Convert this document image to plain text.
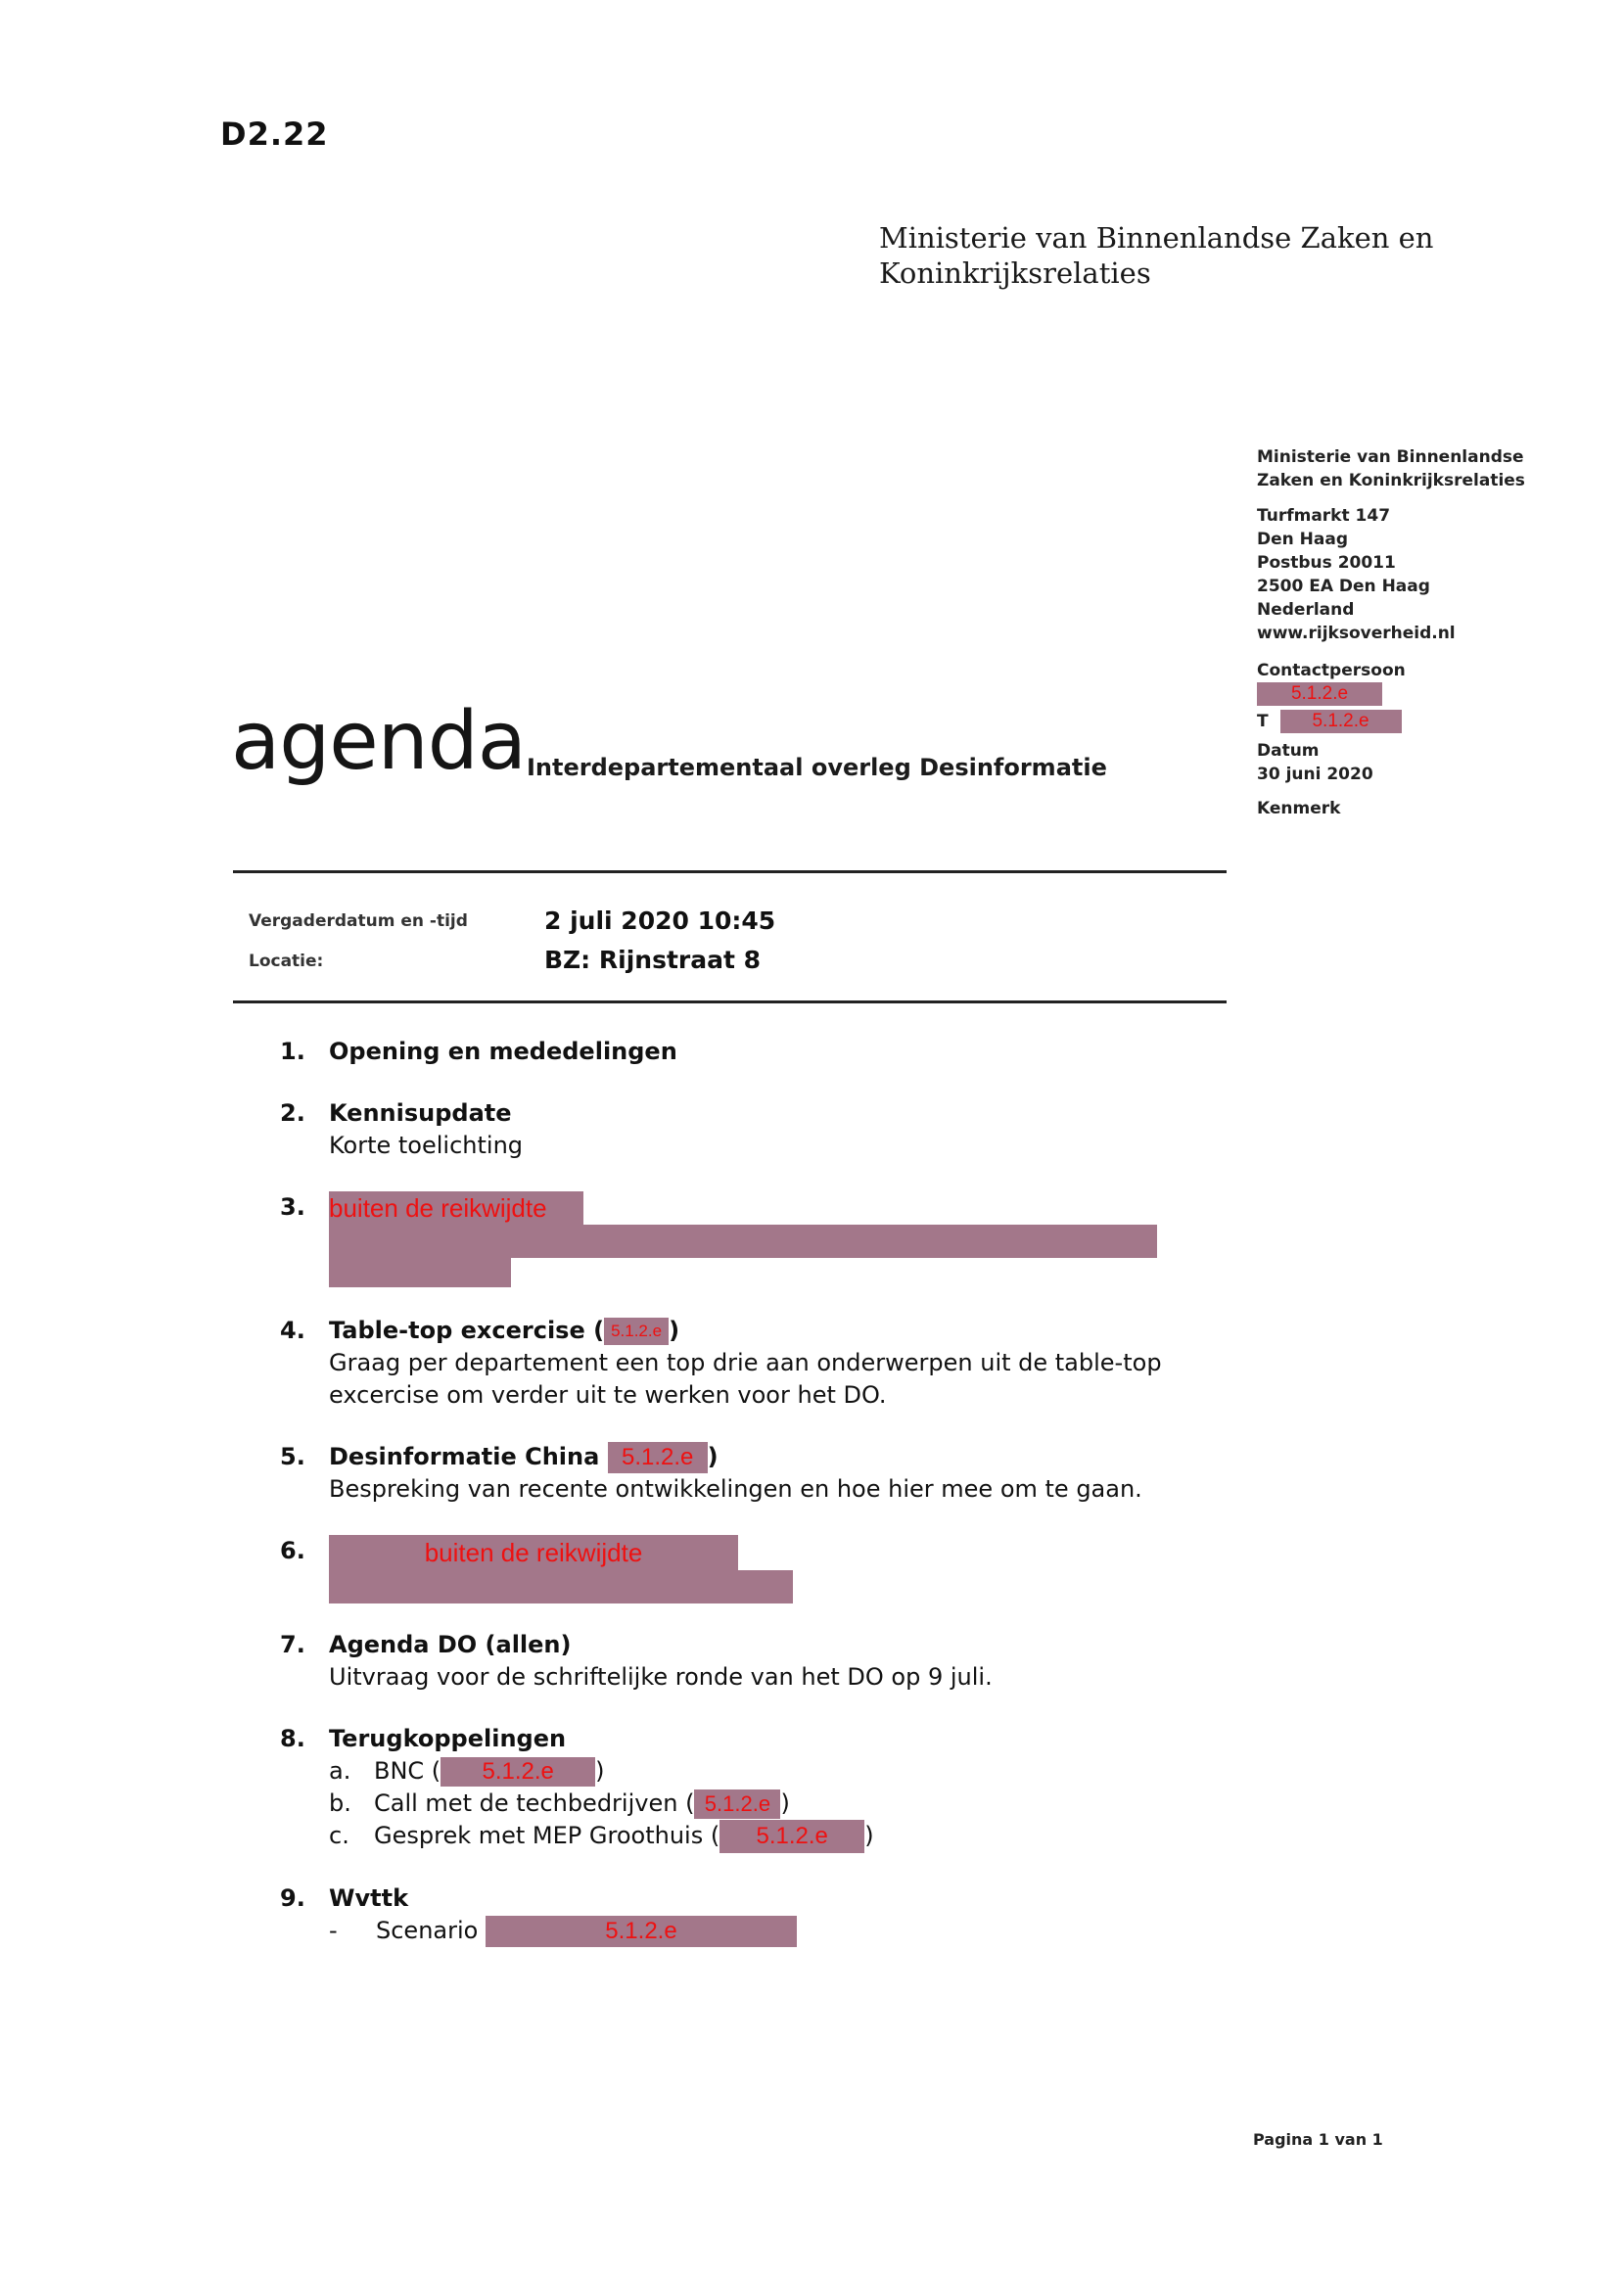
D2.22
Ministerie van Binnenlandse Zaken en
Koninkrijksrelaties
Ministerie van Binnenlandse
Zaken en Koninkrijksrelaties
Turfmarkt 147
Den Haag
Postbus 20011
2500 EA Den Haag
Nederland
www.rijksoverheid.nl
Contactpersoon
5.1.2.e
T 5.1.2.e
Datum
30 juni 2020
Kenmerk
agenda Interdepartementaal overleg Desinformatie
Vergaderdatum en -tijd	2 juli 2020 10:45
Locatie:	BZ: Rijnstraat 8
1. Opening en mededelingen
2. Kennisupdate
Korte toelichting
3. buiten de reikwijdte
4. Table-top excercise ( 5.1.2.e )
Graag per departement een top drie aan onderwerpen uit de table-top
excercise om verder uit te werken voor het DO.
5. Desinformatie China 5.1.2.e )
Bespreking van recente ontwikkelingen en hoe hier mee om te gaan.
6.	buiten de reikwijdte
7. Agenda DO (allen)
Uitvraag voor de schriftelijke ronde van het DO op 9 juli.
8. Terugkoppelingen
a. BNC ( 5.1.2.e )
b. Call met de techbedrijven ( 5.1.2.e )
c. Gesprek met MEP Groothuis ( 5.1.2.e )
9. Wvttk
- Scenario	5.1.2.e
Pagina 1 van 1
